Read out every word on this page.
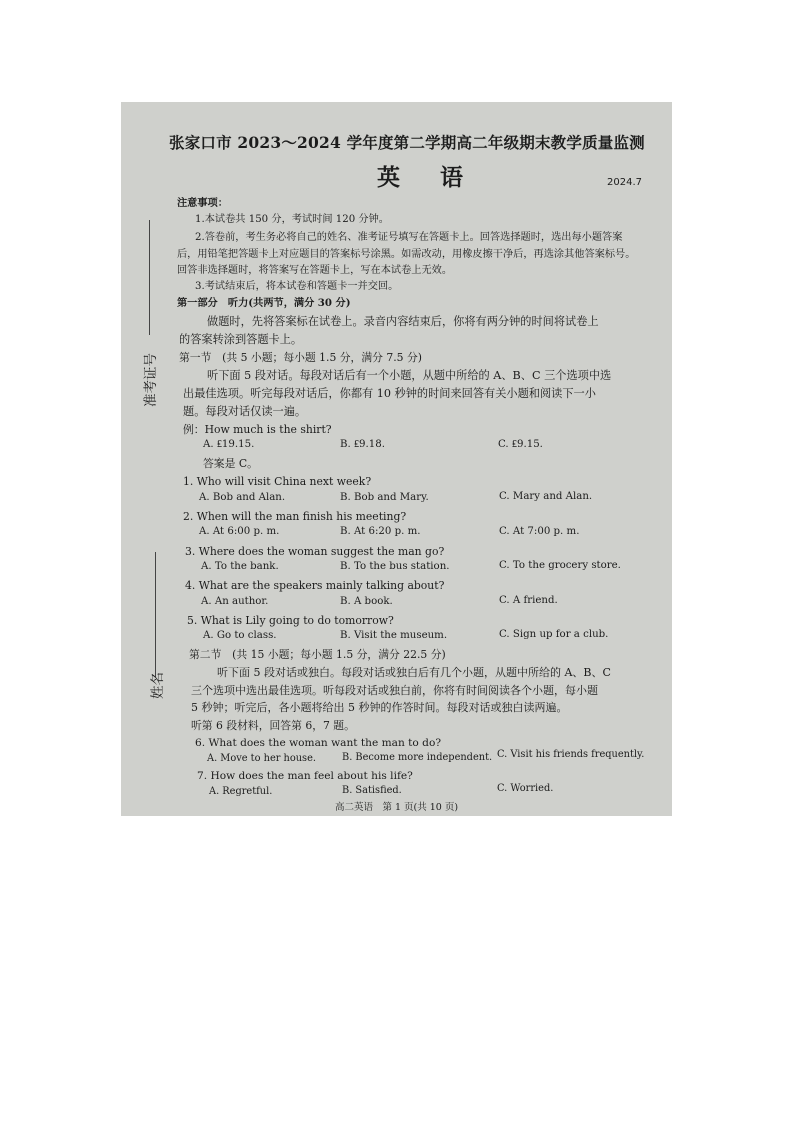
准考证号
姓名
张家口市 2023～2024 学年度第二学期高二年级期末教学质量监测
英 语	2024.7
注意事项：
1.本试卷共 150 分，考试时间 120 分钟。
2.答卷前，考生务必将自己的姓名、准考证号填写在答题卡上。回答选择题时，选出每小题答案
后，用铅笔把答题卡上对应题目的答案标号涂黑。如需改动，用橡皮擦干净后，再选涂其他答案标号。
回答非选择题时，将答案写在答题卡上，写在本试卷上无效。
3.考试结束后，将本试卷和答题卡一并交回。
第一部分　听力(共两节，满分 30 分)
做题时，先将答案标在试卷上。录音内容结束后，你将有两分钟的时间将试卷上
的答案转涂到答题卡上。
第一节　(共 5 小题；每小题 1.5 分，满分 7.5 分)
听下面 5 段对话。每段对话后有一个小题，从题中所给的 A、B、C 三个选项中选
出最佳选项。听完每段对话后，你都有 10 秒钟的时间来回答有关小题和阅读下一小
题。每段对话仅读一遍。
例：How much is the shirt?
A. ₤19.15.	B. ₤9.18.	C. ₤9.15.
答案是 C。
1. Who will visit China next week?
A. Bob and Alan.	B. Bob and Mary.	C. Mary and Alan.
2. When will the man finish his meeting?
A. At 6:00 p. m.	B. At 6:20 p. m.	C. At 7:00 p. m.
3. Where does the woman suggest the man go?
A. To the bank.	B. To the bus station.	C. To the grocery store.
4. What are the speakers mainly talking about?
A. An author.	B. A book.	C. A friend.
5. What is Lily going to do tomorrow?
A. Go to class.	B. Visit the museum.	C. Sign up for a club.
第二节　(共 15 小题；每小题 1.5 分，满分 22.5 分)
听下面 5 段对话或独白。每段对话或独白后有几个小题，从题中所给的 A、B、C
三个选项中选出最佳选项。听每段对话或独白前，你将有时间阅读各个小题，每小题
5 秒钟；听完后，各小题将给出 5 秒钟的作答时间。每段对话或独白读两遍。
听第 6 段材料，回答第 6，7 题。
6. What does the woman want the man to do?
A. Move to her house.	B. Become more independent. C. Visit his friends frequently.
7. How does the man feel about his life?
A. Regretful.	B. Satisfied.	C. Worried.
高二英语　第 1 页(共 10 页)
